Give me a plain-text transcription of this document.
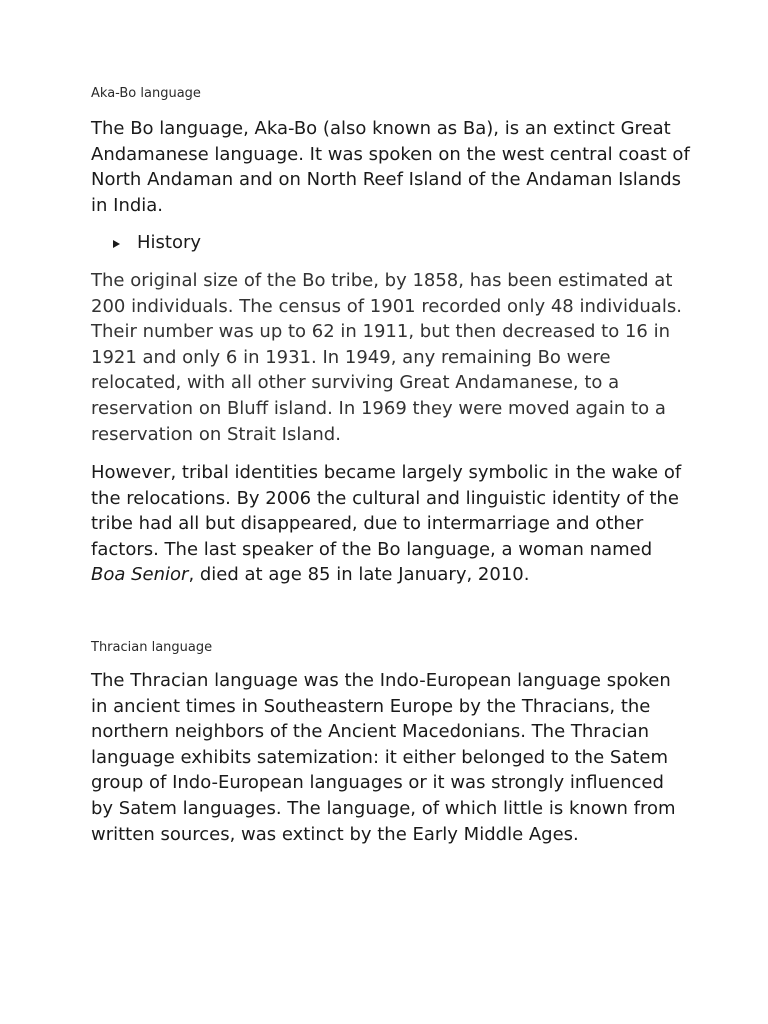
Aka-Bo language

The Bo language, Aka-Bo (also known as Ba), is an extinct Great Andamanese language. It was spoken on the west central coast of North Andaman and on North Reef Island of the Andaman Islands in India.

History

The original size of the Bo tribe, by 1858, has been estimated at 200 individuals. The census of 1901 recorded only 48 individuals. Their number was up to 62 in 1911, but then decreased to 16 in 1921 and only 6 in 1931. In 1949, any remaining Bo were relocated, with all other surviving Great Andamanese, to a reservation on Bluff island. In 1969 they were moved again to a reservation on Strait Island.

However, tribal identities became largely symbolic in the wake of the relocations. By 2006 the cultural and linguistic identity of the tribe had all but disappeared, due to intermarriage and other factors. The last speaker of the Bo language, a woman named Boa Senior, died at age 85 in late January, 2010.

Thracian language

The Thracian language was the Indo-European language spoken in ancient times in Southeastern Europe by the Thracians, the northern neighbors of the Ancient Macedonians. The Thracian language exhibits satemization: it either belonged to the Satem group of Indo-European languages or it was strongly influenced by Satem languages. The language, of which little is known from written sources, was extinct by the Early Middle Ages.
